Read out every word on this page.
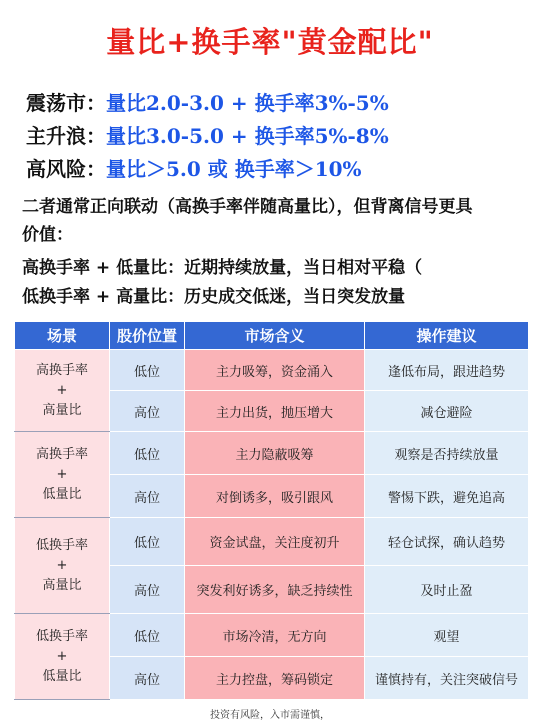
量比+换手率"黄金配比"
震荡市：量比2.0-3.0 + 换手率3%-5%
主升浪：量比3.0-5.0 + 换手率5%-8%
高风险：量比＞5.0 或 换手率＞10%
二者通常正向联动（高换手率伴随高量比），但背离信号更具
价值：
高换手率 + 低量比：近期持续放量，当日相对平稳（
低换手率 + 高量比：历史成交低迷，当日突发放量
场景	股价位置	市场含义	操作建议

高换手率
+
高量比	低位	主力吸筹，资金涌入	逢低布局，跟进趋势
	高位	主力出货，抛压增大	减仓避险

高换手率
+
低量比	低位	主力隐蔽吸筹	观察是否持续放量
	高位	对倒诱多，吸引跟风	警惕下跌，避免追高

低换手率
+
高量比	低位	资金试盘，关注度初升	轻仓试探，确认趋势
	高位	突发利好诱多，缺乏持续性	及时止盈

低换手率
+
低量比	低位	市场冷清，无方向	观望
	高位	主力控盘，筹码锁定	谨慎持有，关注突破信号
投资有风险，入市需谨慎，
